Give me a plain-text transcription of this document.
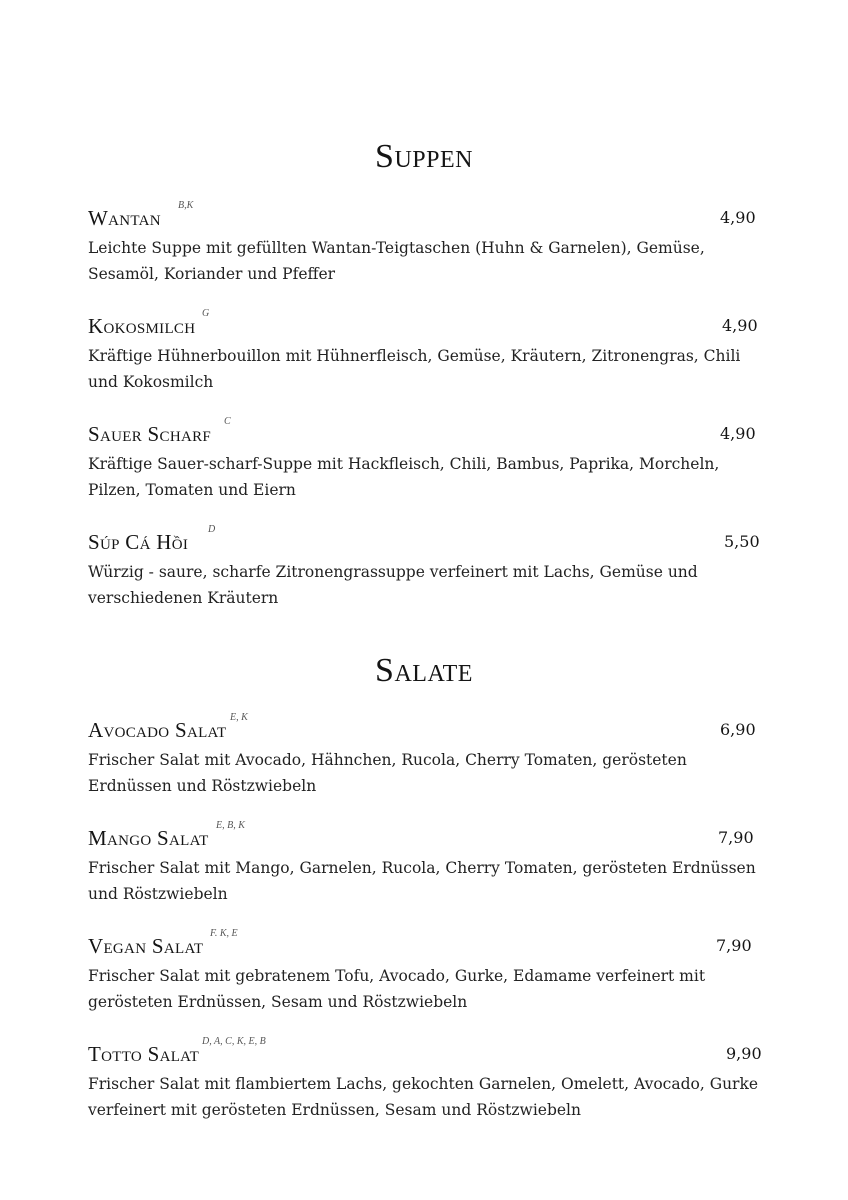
Suppen
Wantan
B,K
4,90

Leichte Suppe mit gefüllten Wantan-Teigtaschen (Huhn & Garnelen), Gemüse, Sesamöl, Koriander und Pfeffer

Kokosmilch
G
4,90

Kräftige Hühnerbouillon mit Hühnerfleisch, Gemüse, Kräutern, Zitronengras, Chili und Kokosmilch

Sauer Scharf
C
4,90

Kräftige Sauer-scharf-Suppe mit Hackfleisch, Chili, Bambus, Paprika, Morcheln, Pilzen, Tomaten und Eiern

Súp Cá Hồi
D
5,50

Würzig - saure, scharfe Zitronengrassuppe verfeinert mit Lachs, Gemüse und verschiedenen Kräutern

Salate
Avocado Salat
E, K
6,90

Frischer Salat mit Avocado, Hähnchen, Rucola, Cherry Tomaten, gerösteten Erdnüssen und Röstzwiebeln

Mango Salat
E, B, K
7,90

Frischer Salat mit Mango, Garnelen, Rucola, Cherry Tomaten, gerösteten Erdnüssen und Röstzwiebeln

Vegan Salat
F. K, E
7,90

Frischer Salat mit gebratenem Tofu, Avocado, Gurke, Edamame verfeinert mit gerösteten Erdnüssen, Sesam und Röstzwiebeln

Totto Salat
D, A, C, K, E, B
9,90

Frischer Salat mit flambiertem Lachs, gekochten Garnelen, Omelett, Avocado, Gurke verfeinert mit gerösteten Erdnüssen, Sesam und Röstzwiebeln
